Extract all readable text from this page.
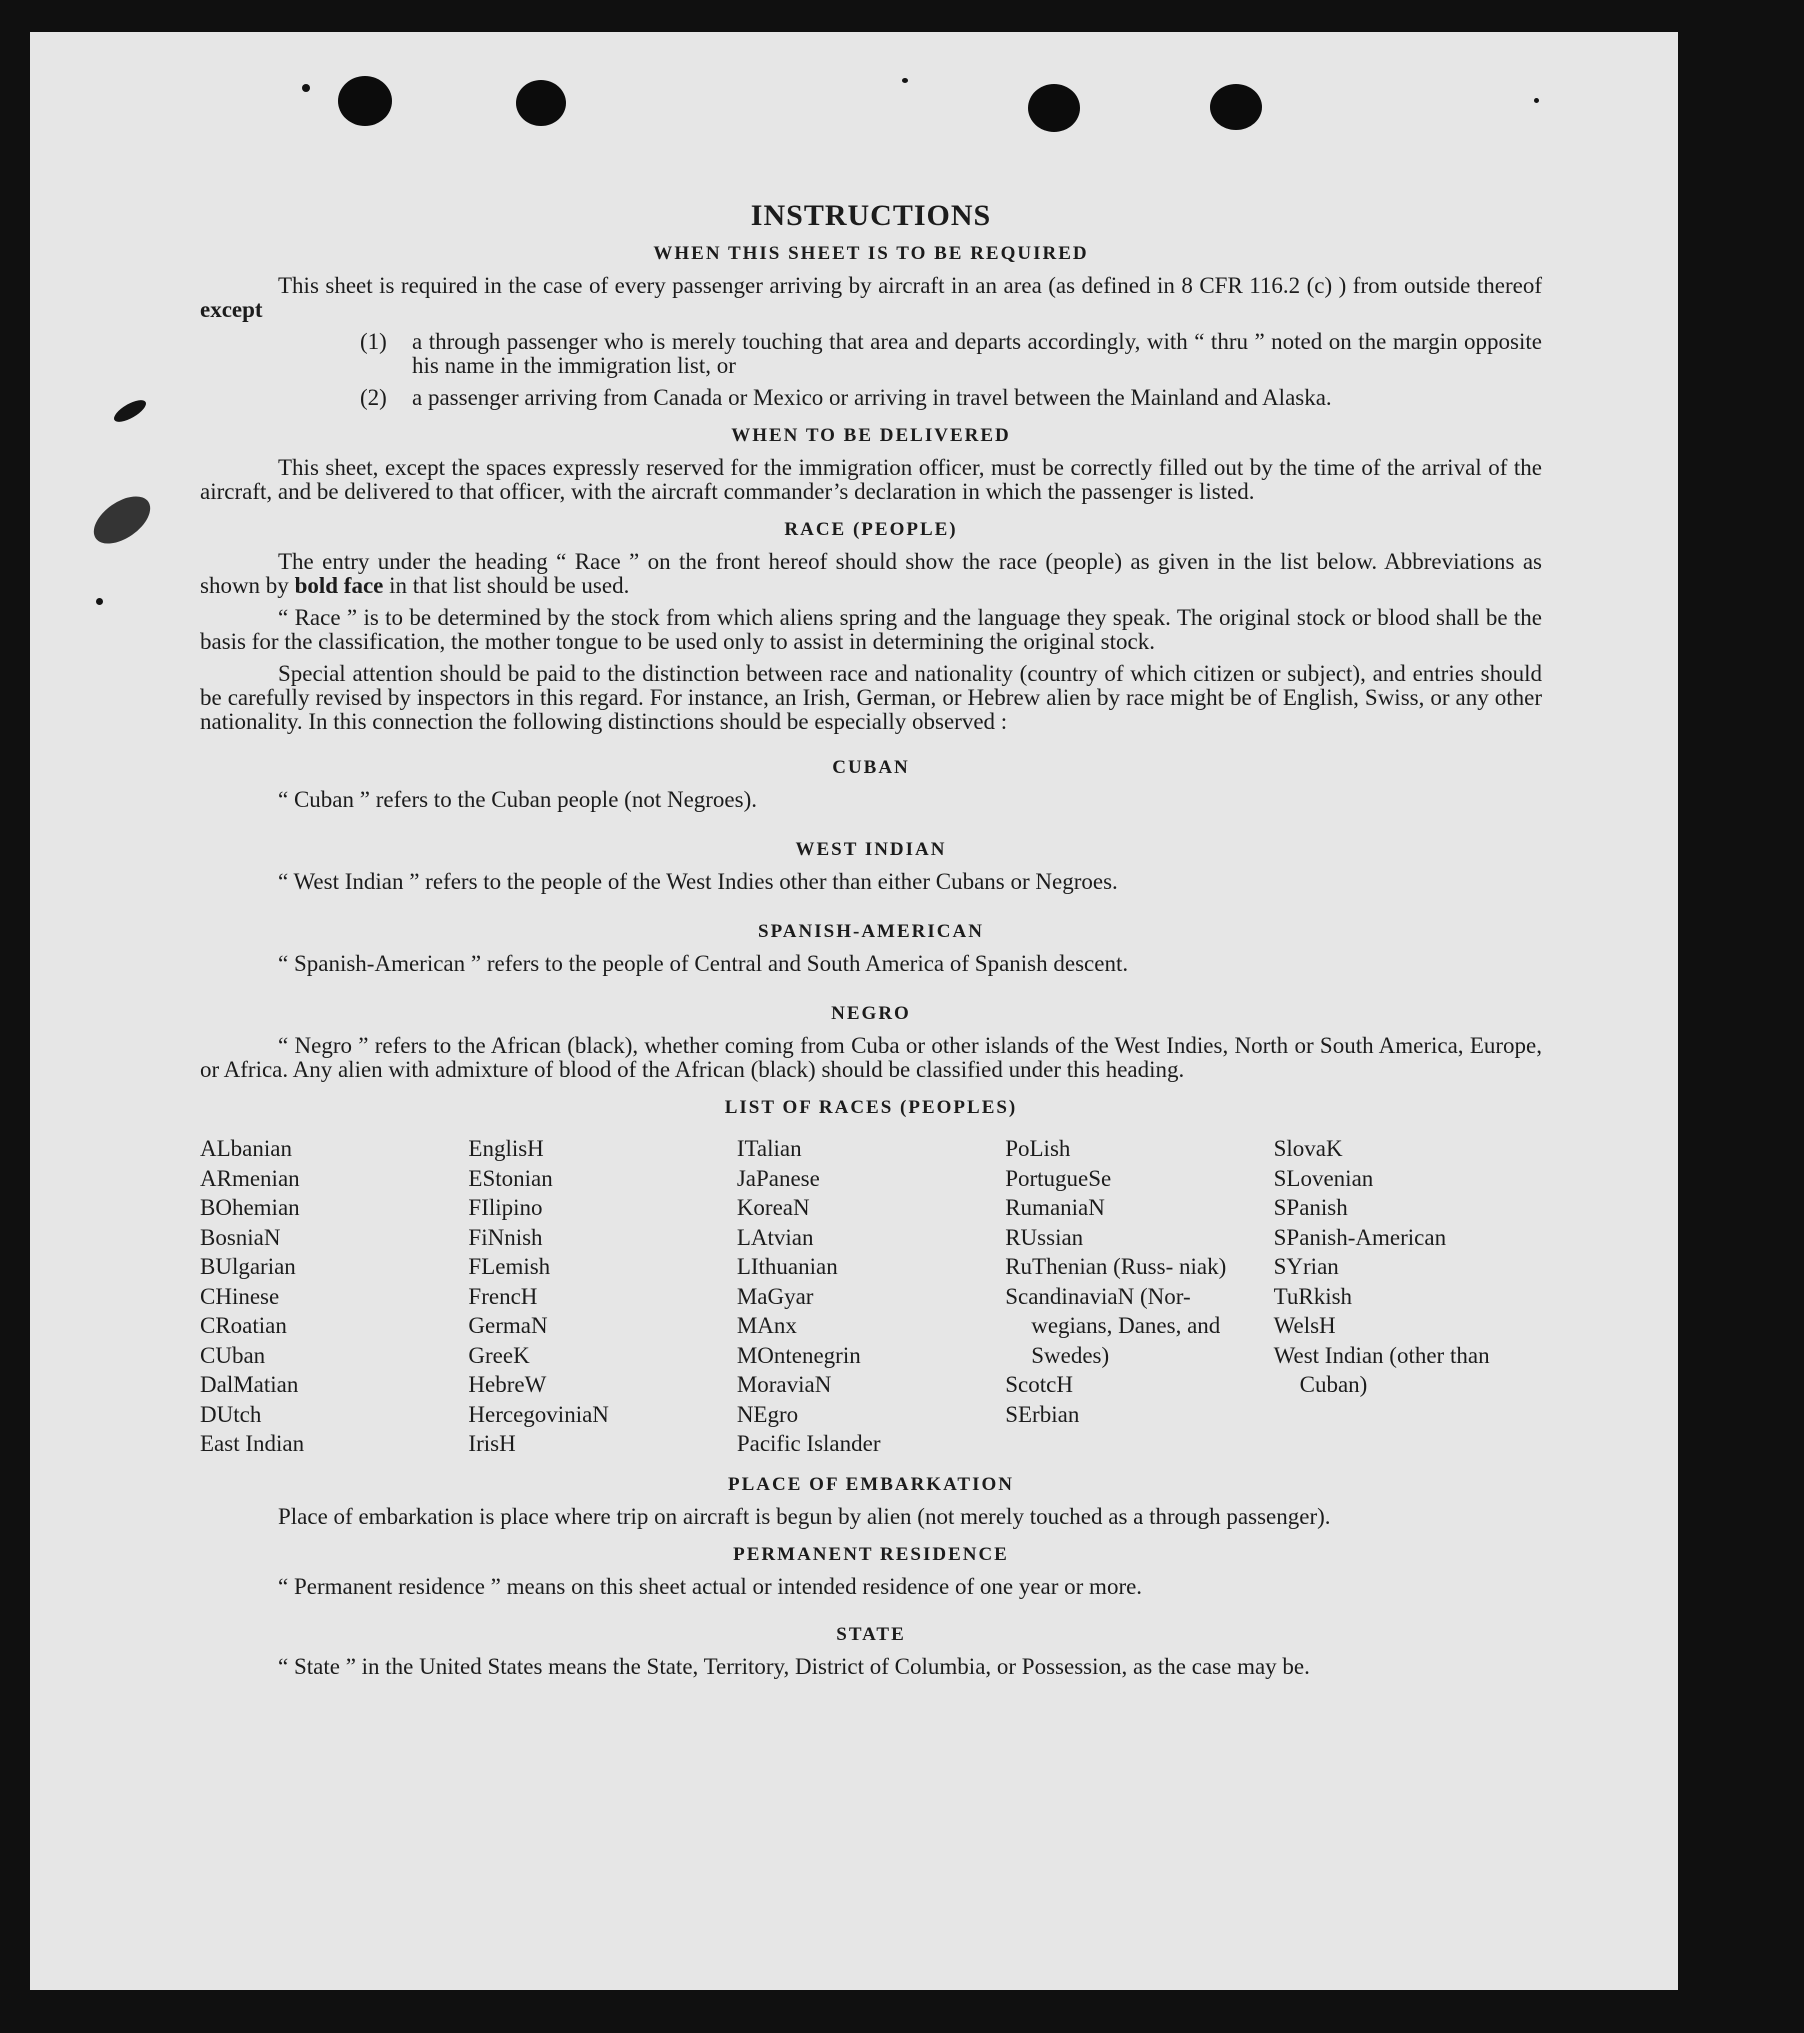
INSTRUCTIONS
WHEN THIS SHEET IS TO BE REQUIRED

This sheet is required in the case of every passenger arriving by aircraft in an area (as defined in 8 CFR 116.2 (c) ) from outside thereof except

(1) a through passenger who is merely touching that area and departs accordingly, with “ thru ” noted on the margin opposite his name in the immigration list, or
(2) a passenger arriving from Canada or Mexico or arriving in travel between the Mainland and Alaska.
WHEN TO BE DELIVERED

This sheet, except the spaces expressly reserved for the immigration officer, must be correctly filled out by the time of the arrival of the aircraft, and be delivered to that officer, with the aircraft commander’s declaration in which the passenger is listed.

RACE (PEOPLE)

The entry under the heading “ Race ” on the front hereof should show the race (people) as given in the list below. Abbreviations as shown by bold face in that list should be used.

“ Race ” is to be determined by the stock from which aliens spring and the language they speak. The original stock or blood shall be the basis for the classification, the mother tongue to be used only to assist in determining the original stock.

Special attention should be paid to the distinction between race and nationality (country of which citizen or subject), and entries should be carefully revised by inspectors in this regard. For instance, an Irish, German, or Hebrew alien by race might be of English, Swiss, or any other nationality. In this connection the following distinctions should be especially observed :

CUBAN

“ Cuban ” refers to the Cuban people (not Negroes).

WEST INDIAN

“ West Indian ” refers to the people of the West Indies other than either Cubans or Negroes.

SPANISH-AMERICAN

“ Spanish-American ” refers to the people of Central and South America of Spanish descent.

NEGRO

“ Negro ” refers to the African (black), whether coming from Cuba or other islands of the West Indies, North or South America, Europe, or Africa. Any alien with admixture of blood of the African (black) should be classified under this heading.

LIST OF RACES (PEOPLES)
ALbanian
ARmenian
BOhemian
BosniaN
BUlgarian
CHinese
CRoatian
CUban
DalMatian
DUtch
East Indian
EnglisH
EStonian
FIlipino
FiNnish
FLemish
FrencH
GermaN
GreeK
HebreW
HercegoviniaN
IrisH
ITalian
JaPanese
KoreaN
LAtvian
LIthuanian
MaGyar
MAnx
MOntenegrin
MoraviaN
NEgro
Pacific Islander
PoLish
PortugueSe
RumaniaN
RUssian
RuThenian (Russ- niak)
ScandinaviaN (Nor- wegians, Danes, and Swedes)
ScotcH
SErbian
SlovaK
SLovenian
SPanish
SPanish-American
SYrian
TuRkish
WelsH
West Indian (other than Cuban)
PLACE OF EMBARKATION

Place of embarkation is place where trip on aircraft is begun by alien (not merely touched as a through passenger).

PERMANENT RESIDENCE

“ Permanent residence ” means on this sheet actual or intended residence of one year or more.

STATE

“ State ” in the United States means the State, Territory, District of Columbia, or Possession, as the case may be.
